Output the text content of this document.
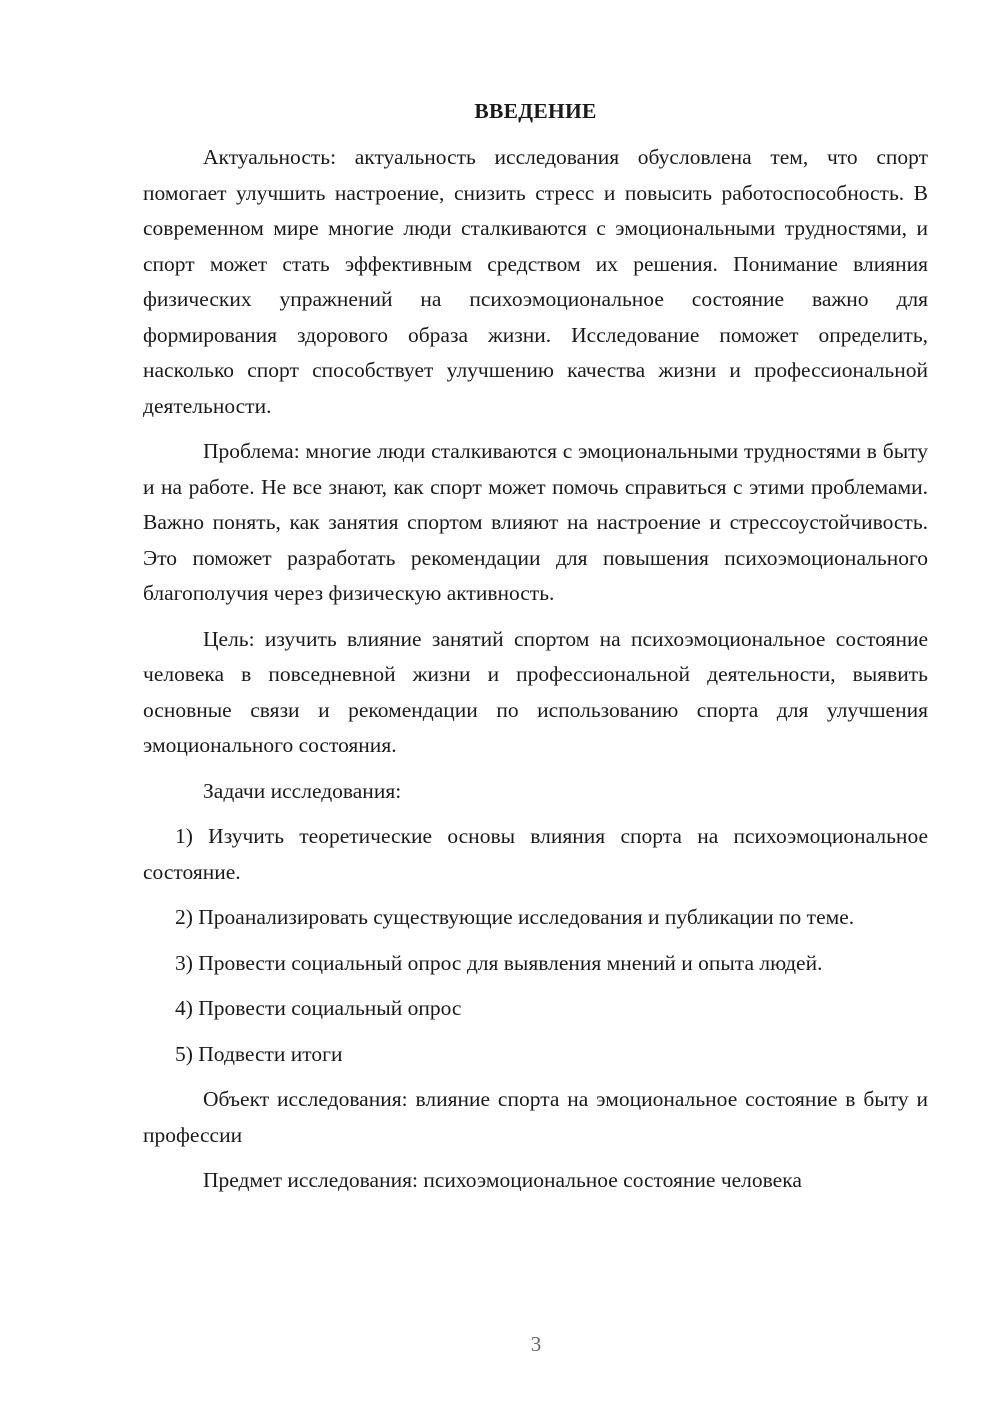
ВВЕДЕНИЕ

Актуальность: актуальность исследования обусловлена тем, что спорт помогает улучшить настроение, снизить стресс и повысить работоспособность. В современном мире многие люди сталкиваются с эмоциональными трудностями, и спорт может стать эффективным средством их решения. Понимание влияния физических упражнений на психоэмоциональное состояние важно для формирования здорового образа жизни. Исследование поможет определить, насколько спорт способствует улучшению качества жизни и профессиональной деятельности.

Проблема: многие люди сталкиваются с эмоциональными трудностями в быту и на работе. Не все знают, как спорт может помочь справиться с этими проблемами. Важно понять, как занятия спортом влияют на настроение и стрессоустойчивость. Это поможет разработать рекомендации для повышения психоэмоционального благополучия через физическую активность.

Цель: изучить влияние занятий спортом на психоэмоциональное состояние человека в повседневной жизни и профессиональной деятельности, выявить основные связи и рекомендации по использованию спорта для улучшения эмоционального состояния.

Задачи исследования:

1) Изучить теоретические основы влияния спорта на психоэмоциональное состояние.

2) Проанализировать существующие исследования и публикации по теме.

3) Провести социальный опрос для выявления мнений и опыта людей.

4) Провести социальный опрос

5) Подвести итоги

Объект исследования: влияние спорта на эмоциональное состояние в быту и профессии

Предмет исследования: психоэмоциональное состояние человека

3
